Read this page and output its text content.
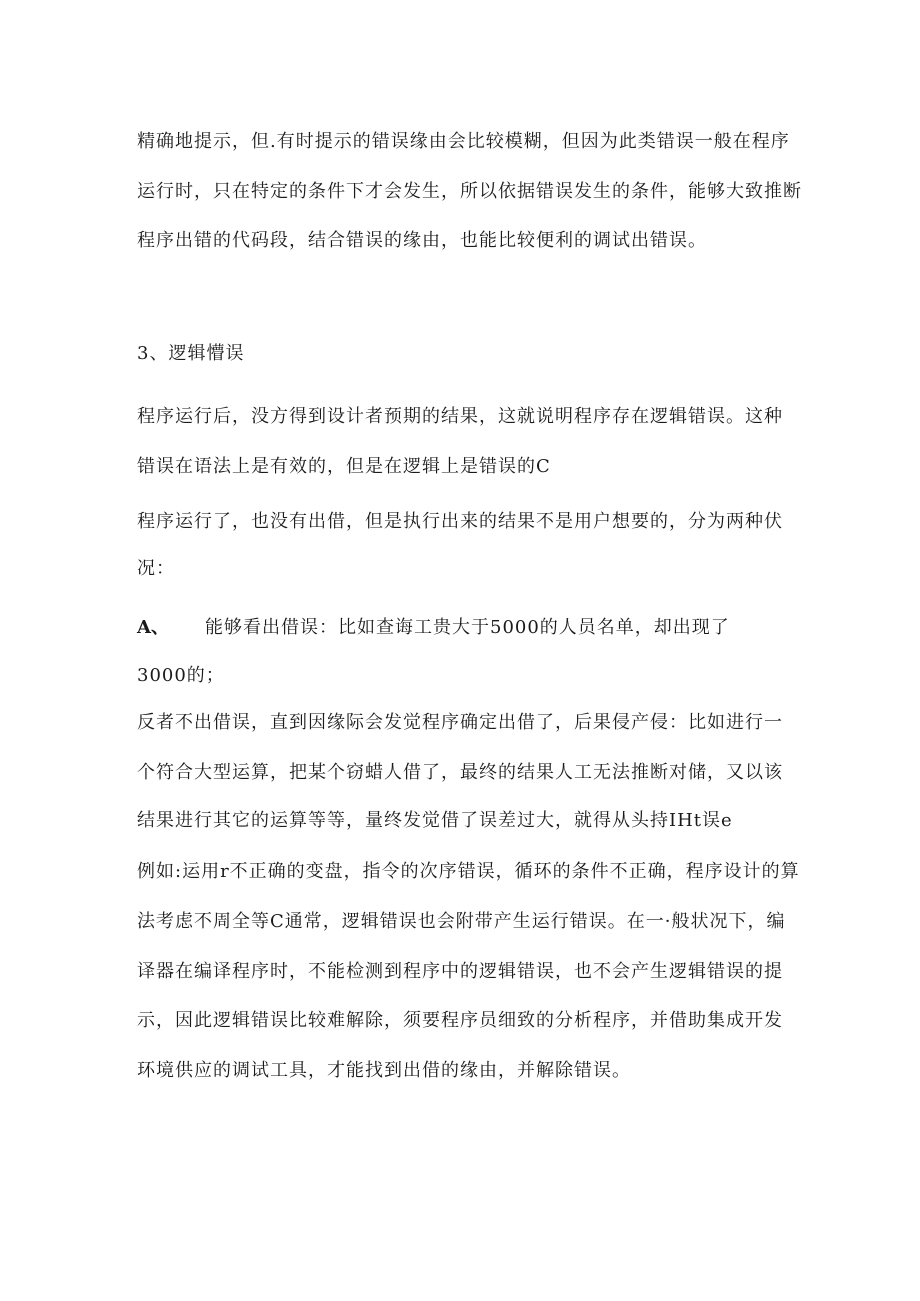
精确地提示，但.有时提示的错误缘由会比较模糊，但因为此类错误一般在程序

运行时，只在特定的条件下才会发生，所以依据错误发生的条件，能够大致推断

程序出错的代码段，结合错误的缘由，也能比较便利的调试出错误。

3、逻辑懵误

程序运行后，没方得到设计者预期的结果，这就说明程序存在逻辑错误。这种

错误在语法上是有效的，但是在逻辑上是错误的C

程序运行了，也没有出借，但是执行出来的结果不是用户想要的，分为两种伏

况：

A、 能够看出借误：比如查诲工贵大于5000的人员名单，却出现了

3000的；

反者不出借误，直到因缘际会发觉程序确定出借了，后果侵产侵：比如进行一

个符合大型运算，把某个窃蜡人借了，最终的结果人工无法推断对储，又以该

结果进行其它的运算等等，量终发觉借了误差过大，就得从头持IHt误e

例如:运用r不正确的变盘，指令的次序错误，循环的条件不正确，程序设计的算

法考虑不周全等C通常，逻辑错误也会附带产生运行错误。在一·般状况下，编

译器在编译程序时，不能检测到程序中的逻辑错误，也不会产生逻辑错误的提

示，因此逻辑错误比较难解除，须要程序员细致的分析程序，并借助集成开发

环境供应的调试工具，才能找到出借的缘由，并解除错误。
